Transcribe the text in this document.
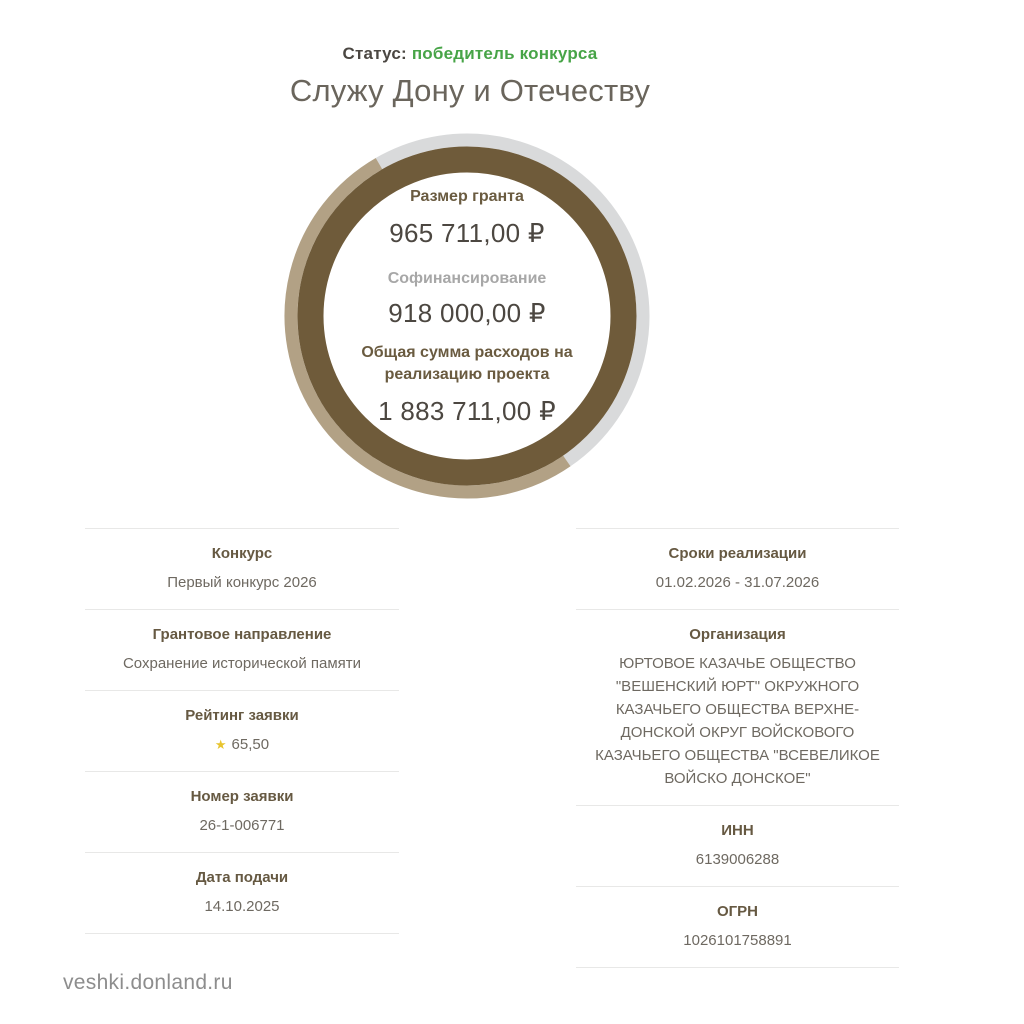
Статус: победитель конкурса
Служу Дону и Отечеству
Размер гранта
965 711,00 ₽
Софинансирование
918 000,00 ₽
Общая сумма расходов на реализацию проекта
1 883 711,00 ₽
Конкурс
Первый конкурс 2026
Грантовое направление
Сохранение исторической памяти
Рейтинг заявки
★ 65,50
Номер заявки
26-1-006771
Дата подачи
14.10.2025
Сроки реализации
01.02.2026 - 31.07.2026
Организация
ЮРТОВОЕ КАЗАЧЬЕ ОБЩЕСТВО "ВЕШЕНСКИЙ ЮРТ" ОКРУЖНОГО КАЗАЧЬЕГО ОБЩЕСТВА ВЕРХНЕ-ДОНСКОЙ ОКРУГ ВОЙСКОВОГО КАЗАЧЬЕГО ОБЩЕСТВА "ВСЕВЕЛИКОЕ ВОЙСКО ДОНСКОЕ"
ИНН
6139006288
ОГРН
1026101758891
veshki.donland.ru
